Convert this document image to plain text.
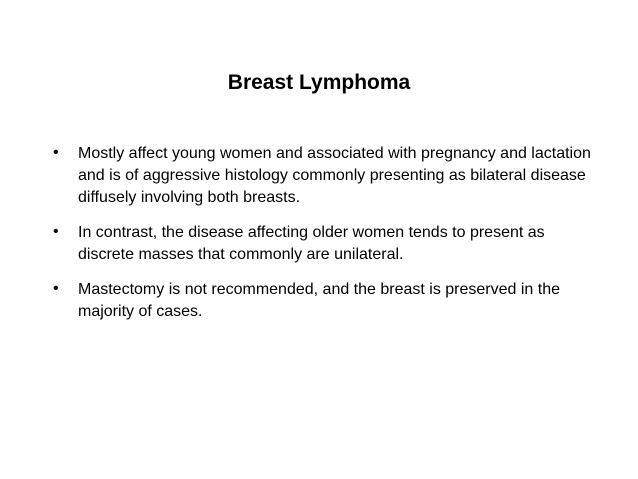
Breast Lymphoma
• Mostly affect young women and associated with pregnancy and lactation and is of aggressive histology commonly presenting as bilateral disease diffusely involving both breasts.
• In contrast, the disease affecting older women tends to present as discrete masses that commonly are unilateral.
• Mastectomy is not recommended, and the breast is preserved in the majority of cases.
